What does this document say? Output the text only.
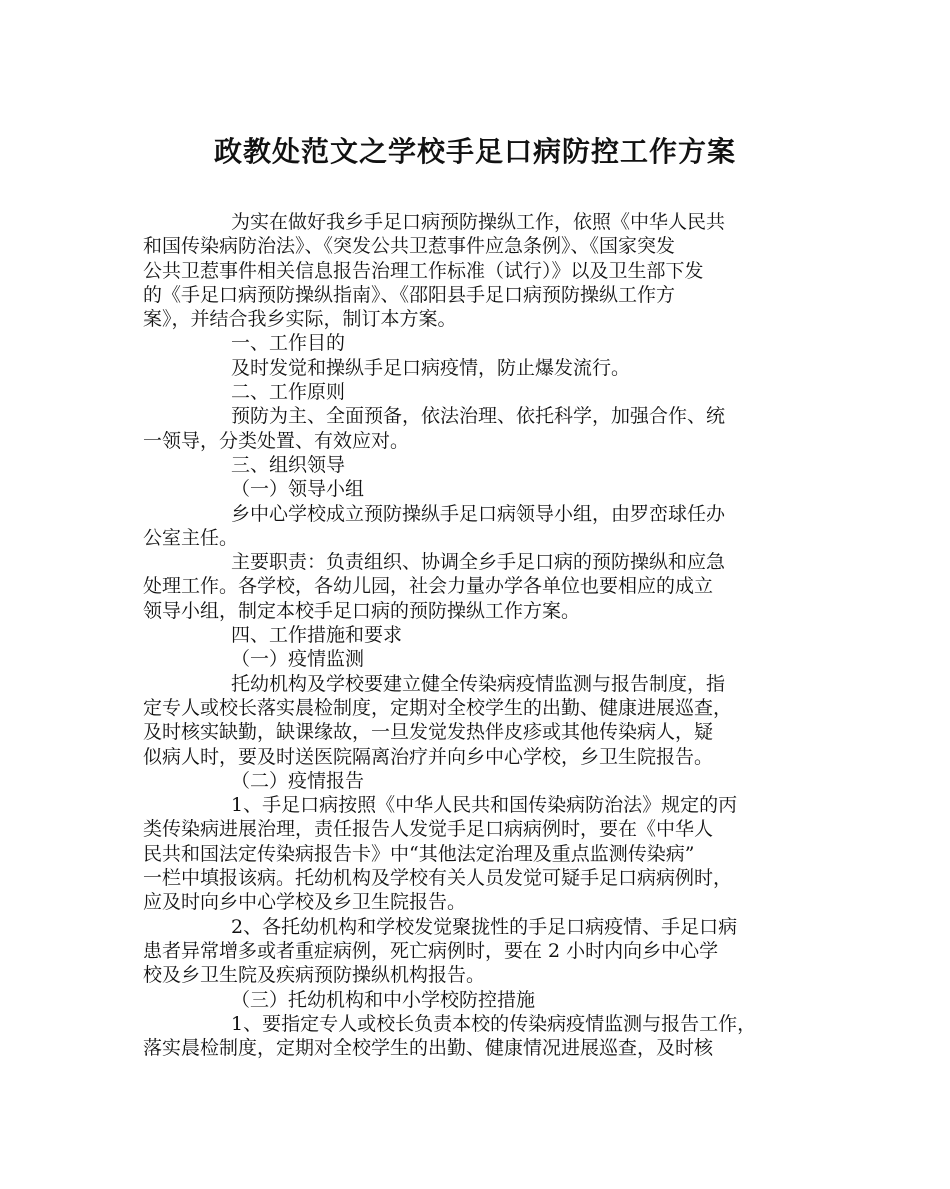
政教处范文之学校手足口病防控工作方案
为实在做好我乡手足口病预防操纵工作，依照《中华人民共
和国传染病防治法》、《突发公共卫惹事件应急条例》、《国家突发
公共卫惹事件相关信息报告治理工作标准（试行）》以及卫生部下发
的《手足口病预防操纵指南》、《邵阳县手足口病预防操纵工作方
案》，并结合我乡实际，制订本方案。
一、工作目的
及时发觉和操纵手足口病疫情，防止爆发流行。
二、工作原则
预防为主、全面预备，依法治理、依托科学，加强合作、统
一领导，分类处置、有效应对。
三、组织领导
（一）领导小组
乡中心学校成立预防操纵手足口病领导小组，由罗峦球任办
公室主任。
主要职责：负责组织、协调全乡手足口病的预防操纵和应急
处理工作。各学校，各幼儿园，社会力量办学各单位也要相应的成立
领导小组，制定本校手足口病的预防操纵工作方案。
四、工作措施和要求
（一）疫情监测
托幼机构及学校要建立健全传染病疫情监测与报告制度，指
定专人或校长落实晨检制度，定期对全校学生的出勤、健康进展巡查，
及时核实缺勤，缺课缘故，一旦发觉发热伴皮疹或其他传染病人，疑
似病人时，要及时送医院隔离治疗并向乡中心学校，乡卫生院报告。
（二）疫情报告
1、手足口病按照《中华人民共和国传染病防治法》规定的丙
类传染病进展治理，责任报告人发觉手足口病病例时，要在《中华人
民共和国法定传染病报告卡》中“其他法定治理及重点监测传染病”
一栏中填报该病。托幼机构及学校有关人员发觉可疑手足口病病例时，
应及时向乡中心学校及乡卫生院报告。
2、各托幼机构和学校发觉聚拢性的手足口病疫情、手足口病
患者异常增多或者重症病例，死亡病例时，要在 2 小时内向乡中心学
校及乡卫生院及疾病预防操纵机构报告。
（三）托幼机构和中小学校防控措施
1、要指定专人或校长负责本校的传染病疫情监测与报告工作，
落实晨检制度，定期对全校学生的出勤、健康情况进展巡查，及时核
